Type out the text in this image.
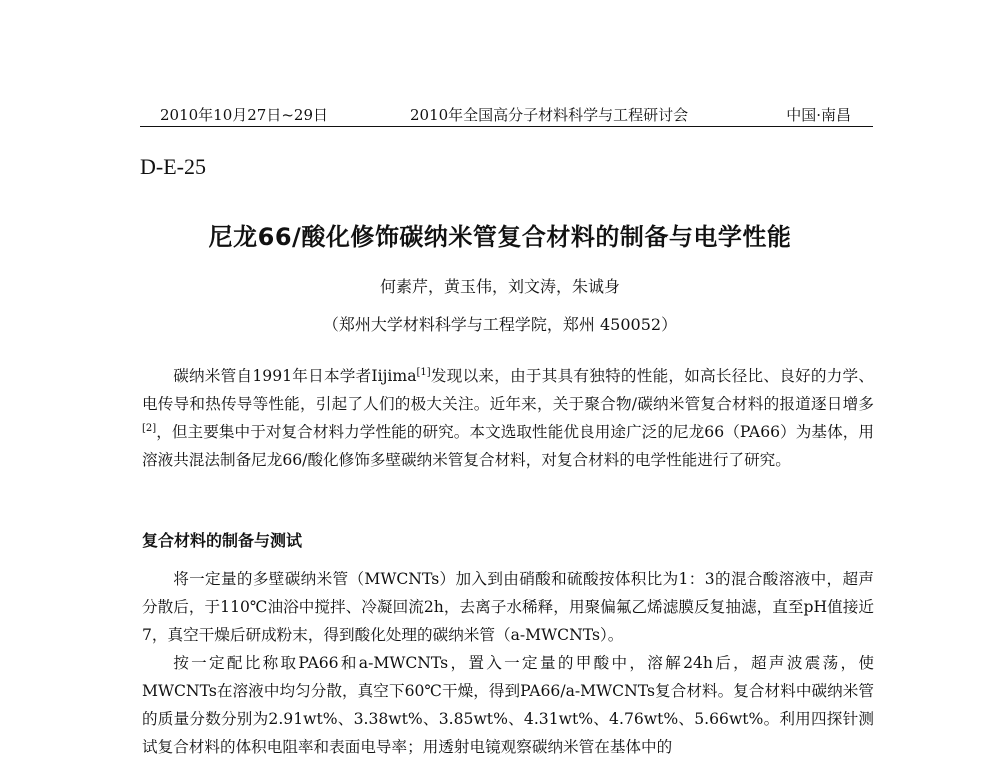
2010年10月27日~29日	2010年全国高分子材料科学与工程研讨会	中国·南昌
D-E-25
尼龙66/酸化修饰碳纳米管复合材料的制备与电学性能
何素芹，黄玉伟，刘文涛，朱诚身
（郑州大学材料科学与工程学院，郑州 450052）

碳纳米管自1991年日本学者Iijima[1]发现以来，由于其具有独特的性能，如高长径比、良好的力学、电传导和热传导等性能，引起了人们的极大关注。近年来，关于聚合物/碳纳米管复合材料的报道逐日增多[2]，但主要集中于对复合材料力学性能的研究。本文选取性能优良用途广泛的尼龙66（PA66）为基体，用溶液共混法制备尼龙66/酸化修饰多壁碳纳米管复合材料，对复合材料的电学性能进行了研究。

复合材料的制备与测试

将一定量的多壁碳纳米管（MWCNTs）加入到由硝酸和硫酸按体积比为1：3的混合酸溶液中，超声分散后，于110℃油浴中搅拌、冷凝回流2h，去离子水稀释，用聚偏氟乙烯滤膜反复抽滤，直至pH值接近7，真空干燥后研成粉末，得到酸化处理的碳纳米管（a-MWCNTs）。

按一定配比称取PA66和a-MWCNTs，置入一定量的甲酸中，溶解24h后，超声波震荡，使MWCNTs在溶液中均匀分散，真空下60℃干燥，得到PA66/a-MWCNTs复合材料。复合材料中碳纳米管的质量分数分别为2.91wt%、3.38wt%、3.85wt%、4.31wt%、4.76wt%、5.66wt%。利用四探针测试复合材料的体积电阻率和表面电导率；用透射电镜观察碳纳米管在基体中的
